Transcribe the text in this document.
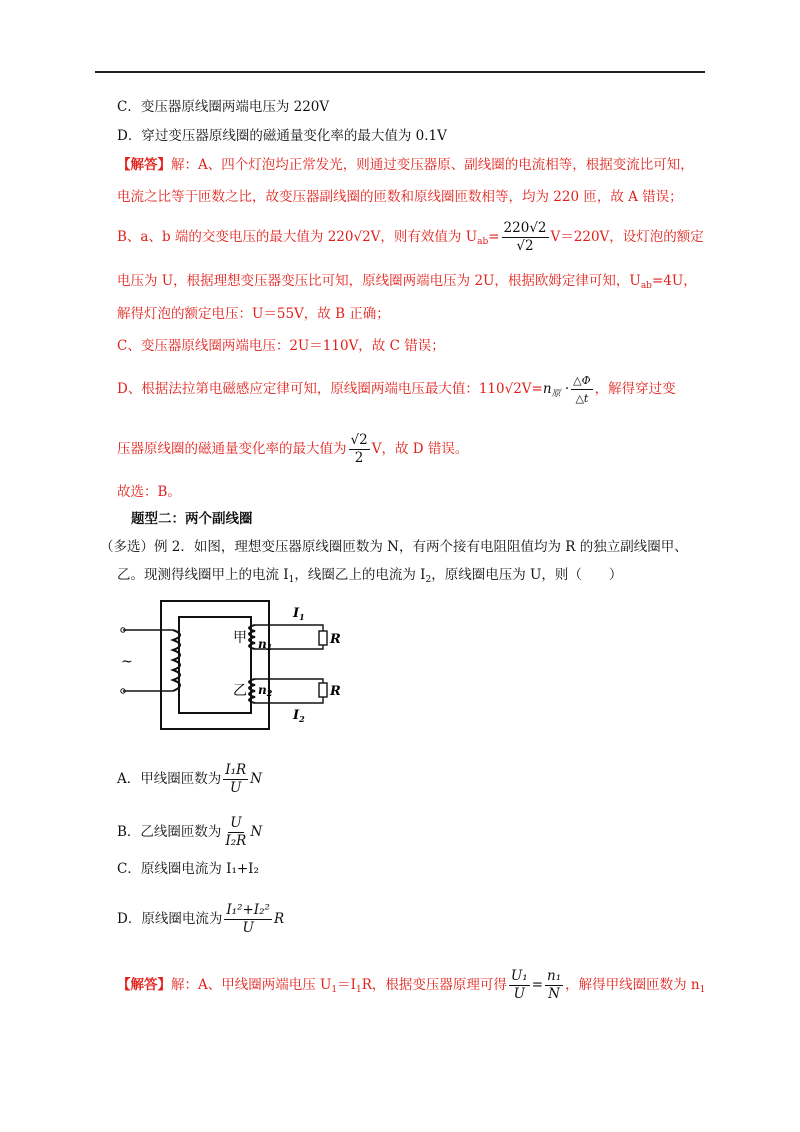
C．变压器原线圈两端电压为 220V
D．穿过变压器原线圈的磁通量变化率的最大值为 0.1V
【解答】解：A、四个灯泡均正常发光，则通过变压器原、副线圈的电流相等，根据变流比可知，
电流之比等于匝数之比，故变压器副线圈的匝数和原线圈匝数相等，均为 220 匝，故 A 错误；
B、a、b 端的交变电压的最大值为 220√2V，则有效值为 $U_{ab}= \frac{220√2}{√2} V=220V$，设灯泡的额定
电压为 U，根据理想变压器变压比可知，原线圈两端电压为 2U，根据欧姆定律可知，$U_{ab}=4U$，
解得灯泡的额定电压：U＝55V，故 B 正确；
C、变压器原线圈两端电压：2U＝110V，故 C 错误；
D、根据法拉第电磁感应定律可知，原线圈两端电压最大值：$110√2V=n_原 \cdot \frac{\triangle\Phi}{\triangle t}$ ，解得穿过变
压器原线圈的磁通量变化率的最大值为 $\frac{√2}{2}$ V，故 D 错误。
故选：B。
题型二：两个副线圈
（多选）例 2．如图，理想变压器原线圈匝数为 N，有两个接有电阻阻值均为 R 的独立副线圈甲、
乙。现测得线圈甲上的电流 $I_1$，线圈乙上的电流为 $I_2$，原线圈电压为 U，则（　　）
~
甲
乙
n1
n2
$I_1$
$I_2$
R
R
A．甲线圈匝数为 $\frac{\text{I₁R}}{U}$ N
B．乙线圈匝数为 $\frac{U}{\text{I₂R}}$ N
C．原线圈电流为 I₁+I₂
D．原线圈电流为 $\frac{\text{I₁²+I₂²}}{U}$ R
【解答】解：A、甲线圈两端电压 $U_1=I_1R$，根据变压器原理可得 $\frac{\text{U₁}}{U} = \frac{\text{n₁}}{N}$ ，解得甲线圈匝数为 $n_1$
